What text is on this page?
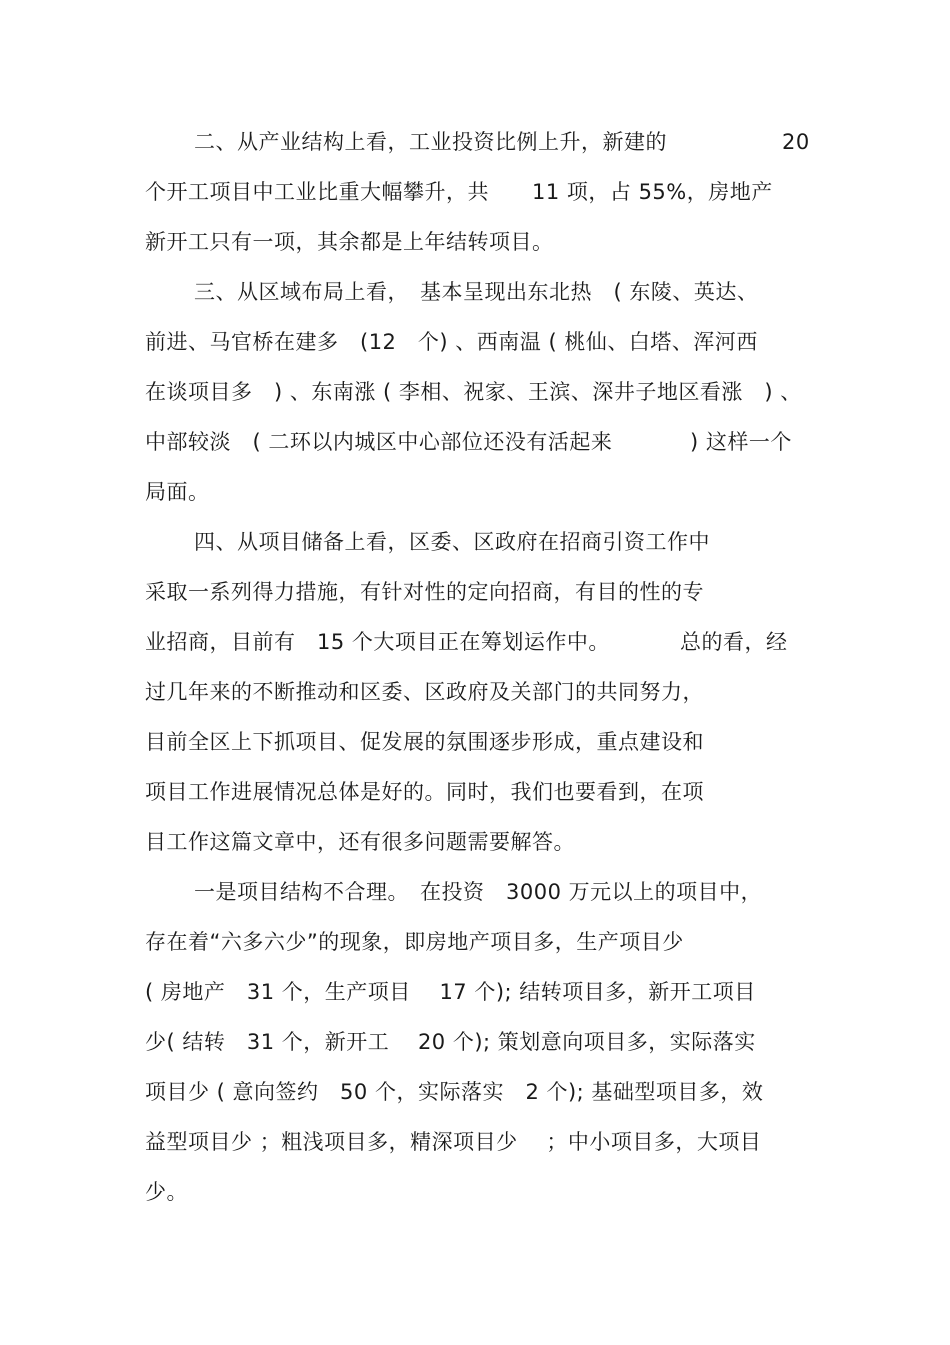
二、从产业结构上看，工业投资比例上升，新建的	20
个开工项目中工业比重大幅攀升，共　　11 项，占 55%，房地产
新开工只有一项，其余都是上年结转项目。
三、从区域布局上看，　基本呈现出东北热　( 东陵、英达、
前进、马官桥在建多　(12　个) 、西南温 ( 桃仙、白塔、浑河西
在谈项目多　) 、东南涨 ( 李相、祝家、王滨、深井子地区看涨　) 、
中部较淡　( 二环以内城区中心部位还没有活起来	) 这样一个
局面。
四、从项目储备上看，区委、区政府在招商引资工作中
采取一系列得力措施，有针对性的定向招商，有目的性的专
业招商，目前有　15 个大项目正在筹划运作中。	总的看，经
过几年来的不断推动和区委、区政府及关部门的共同努力，
目前全区上下抓项目、促发展的氛围逐步形成，重点建设和
项目工作进展情况总体是好的。同时，我们也要看到，在项
目工作这篇文章中，还有很多问题需要解答。
一是项目结构不合理。　在投资　3000 万元以上的项目中，
存在着“六多六少”的现象，即房地产项目多，生产项目少
( 房地产　31 个，生产项目　 17 个); 结转项目多，新开工项目
少( 结转　31 个，新开工　 20 个); 策划意向项目多，实际落实
项目少 ( 意向签约　50 个，实际落实　2 个); 基础型项目多，效
益型项目少 ；粗浅项目多，精深项目少　 ；中小项目多，大项目
少。
